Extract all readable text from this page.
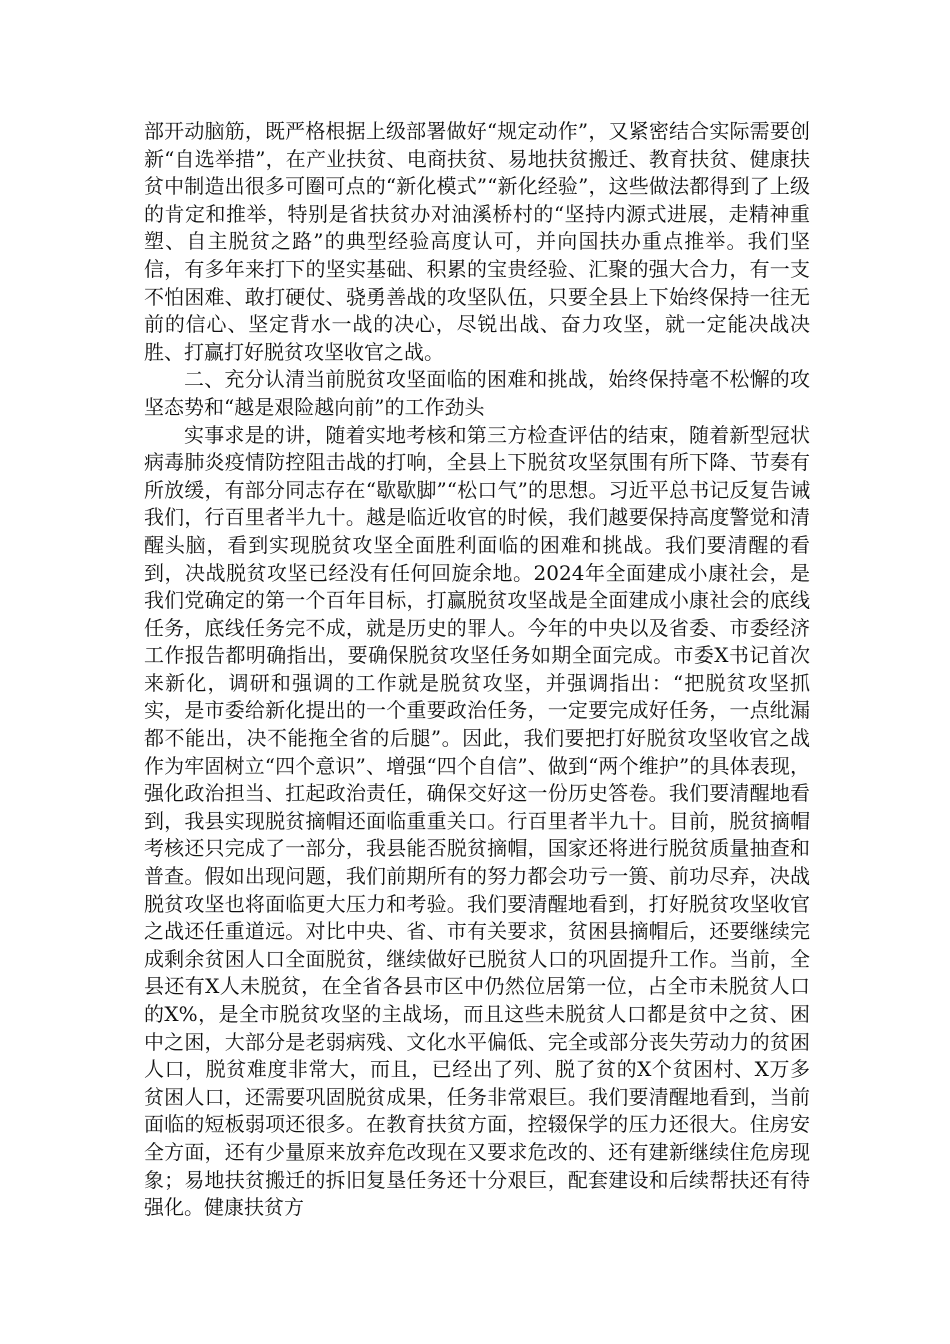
部开动脑筋，既严格根据上级部署做好“规定动作”，又紧密结合实际需要创新“自选举措”，在产业扶贫、电商扶贫、易地扶贫搬迁、教育扶贫、健康扶贫中制造出很多可圈可点的“新化模式”“新化经验”，这些做法都得到了上级的肯定和推举，特别是省扶贫办对油溪桥村的“坚持内源式进展，走精神重塑、自主脱贫之路”的典型经验高度认可，并向国扶办重点推举。我们坚信，有多年来打下的坚实基础、积累的宝贵经验、汇聚的强大合力，有一支不怕困难、敢打硬仗、骁勇善战的攻坚队伍，只要全县上下始终保持一往无前的信心、坚定背水一战的决心，尽锐出战、奋力攻坚，就一定能决战决胜、打赢打好脱贫攻坚收官之战。

二、充分认清当前脱贫攻坚面临的困难和挑战，始终保持毫不松懈的攻坚态势和“越是艰险越向前”的工作劲头

实事求是的讲，随着实地考核和第三方检查评估的结束，随着新型冠状病毒肺炎疫情防控阻击战的打响，全县上下脱贫攻坚氛围有所下降、节奏有所放缓，有部分同志存在“歇歇脚”“松口气”的思想。习近平总书记反复告诫我们，行百里者半九十。越是临近收官的时候，我们越要保持高度警觉和清醒头脑，看到实现脱贫攻坚全面胜利面临的困难和挑战。我们要清醒的看到，决战脱贫攻坚已经没有任何回旋余地。2024年全面建成小康社会，是我们党确定的第一个百年目标，打赢脱贫攻坚战是全面建成小康社会的底线任务，底线任务完不成，就是历史的罪人。今年的中央以及省委、市委经济工作报告都明确指出，要确保脱贫攻坚任务如期全面完成。市委X书记首次来新化，调研和强调的工作就是脱贫攻坚，并强调指出：“把脱贫攻坚抓实，是市委给新化提出的一个重要政治任务，一定要完成好任务，一点纰漏都不能出，决不能拖全省的后腿”。因此，我们要把打好脱贫攻坚收官之战作为牢固树立“四个意识”、增强“四个自信”、做到“两个维护”的具体表现，强化政治担当、扛起政治责任，确保交好这一份历史答卷。我们要清醒地看到，我县实现脱贫摘帽还面临重重关口。行百里者半九十。目前，脱贫摘帽考核还只完成了一部分，我县能否脱贫摘帽，国家还将进行脱贫质量抽查和普查。假如出现问题，我们前期所有的努力都会功亏一篑、前功尽弃，决战脱贫攻坚也将面临更大压力和考验。我们要清醒地看到，打好脱贫攻坚收官之战还任重道远。对比中央、省、市有关要求，贫困县摘帽后，还要继续完成剩余贫困人口全面脱贫，继续做好已脱贫人口的巩固提升工作。当前，全县还有X人未脱贫，在全省各县市区中仍然位居第一位，占全市未脱贫人口的X%，是全市脱贫攻坚的主战场，而且这些未脱贫人口都是贫中之贫、困中之困，大部分是老弱病残、文化水平偏低、完全或部分丧失劳动力的贫困人口，脱贫难度非常大，而且，已经出了列、脱了贫的X个贫困村、X万多贫困人口，还需要巩固脱贫成果，任务非常艰巨。我们要清醒地看到，当前面临的短板弱项还很多。在教育扶贫方面，控辍保学的压力还很大。住房安全方面，还有少量原来放弃危改现在又要求危改的、还有建新继续住危房现象；易地扶贫搬迁的拆旧复垦任务还十分艰巨，配套建设和后续帮扶还有待强化。健康扶贫方
